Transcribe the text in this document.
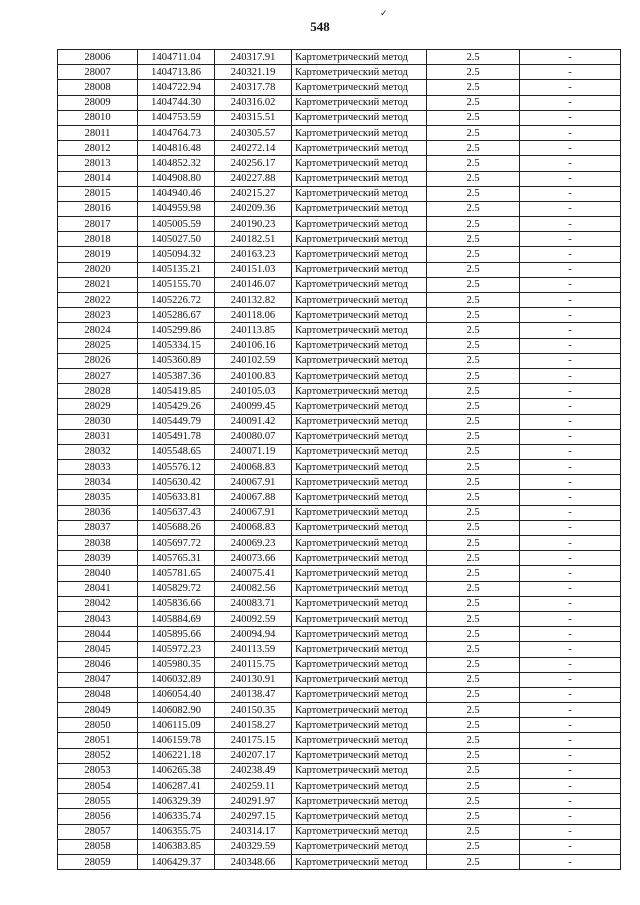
548
✓
28006	1404711.04	240317.91	Картометрический метод	2.5	-
28007	1404713.86	240321.19	Картометрический метод	2.5	-
28008	1404722.94	240317.78	Картометрический метод	2.5	-
28009	1404744.30	240316.02	Картометрический метод	2.5	-
28010	1404753.59	240315.51	Картометрический метод	2.5	-
28011	1404764.73	240305.57	Картометрический метод	2.5	-
28012	1404816.48	240272.14	Картометрический метод	2.5	-
28013	1404852.32	240256.17	Картометрический метод	2.5	-
28014	1404908.80	240227.88	Картометрический метод	2.5	-
28015	1404940.46	240215.27	Картометрический метод	2.5	-
28016	1404959.98	240209.36	Картометрический метод	2.5	-
28017	1405005.59	240190.23	Картометрический метод	2.5	-
28018	1405027.50	240182.51	Картометрический метод	2.5	-
28019	1405094.32	240163.23	Картометрический метод	2.5	-
28020	1405135.21	240151.03	Картометрический метод	2.5	-
28021	1405155.70	240146.07	Картометрический метод	2.5	-
28022	1405226.72	240132.82	Картометрический метод	2.5	-
28023	1405286.67	240118.06	Картометрический метод	2.5	-
28024	1405299.86	240113.85	Картометрический метод	2.5	-
28025	1405334.15	240106.16	Картометрический метод	2.5	-
28026	1405360.89	240102.59	Картометрический метод	2.5	-
28027	1405387.36	240100.83	Картометрический метод	2.5	-
28028	1405419.85	240105.03	Картометрический метод	2.5	-
28029	1405429.26	240099.45	Картометрический метод	2.5	-
28030	1405449.79	240091.42	Картометрический метод	2.5	-
28031	1405491.78	240080.07	Картометрический метод	2.5	-
28032	1405548.65	240071.19	Картометрический метод	2.5	-
28033	1405576.12	240068.83	Картометрический метод	2.5	-
28034	1405630.42	240067.91	Картометрический метод	2.5	-
28035	1405633.81	240067.88	Картометрический метод	2.5	-
28036	1405637.43	240067.91	Картометрический метод	2.5	-
28037	1405688.26	240068.83	Картометрический метод	2.5	-
28038	1405697.72	240069.23	Картометрический метод	2.5	-
28039	1405765.31	240073.66	Картометрический метод	2.5	-
28040	1405781.65	240075.41	Картометрический метод	2.5	-
28041	1405829.72	240082.56	Картометрический метод	2.5	-
28042	1405836.66	240083.71	Картометрический метод	2.5	-
28043	1405884.69	240092.59	Картометрический метод	2.5	-
28044	1405895.66	240094.94	Картометрический метод	2.5	-
28045	1405972.23	240113.59	Картометрический метод	2.5	-
28046	1405980.35	240115.75	Картометрический метод	2.5	-
28047	1406032.89	240130.91	Картометрический метод	2.5	-
28048	1406054.40	240138.47	Картометрический метод	2.5	-
28049	1406082.90	240150.35	Картометрический метод	2.5	-
28050	1406115.09	240158.27	Картометрический метод	2.5	-
28051	1406159.78	240175.15	Картометрический метод	2.5	-
28052	1406221.18	240207.17	Картометрический метод	2.5	-
28053	1406265.38	240238.49	Картометрический метод	2.5	-
28054	1406287.41	240259.11	Картометрический метод	2.5	-
28055	1406329.39	240291.97	Картометрический метод	2.5	-
28056	1406335.74	240297.15	Картометрический метод	2.5	-
28057	1406355.75	240314.17	Картометрический метод	2.5	-
28058	1406383.85	240329.59	Картометрический метод	2.5	-
28059	1406429.37	240348.66	Картометрический метод	2.5	-
